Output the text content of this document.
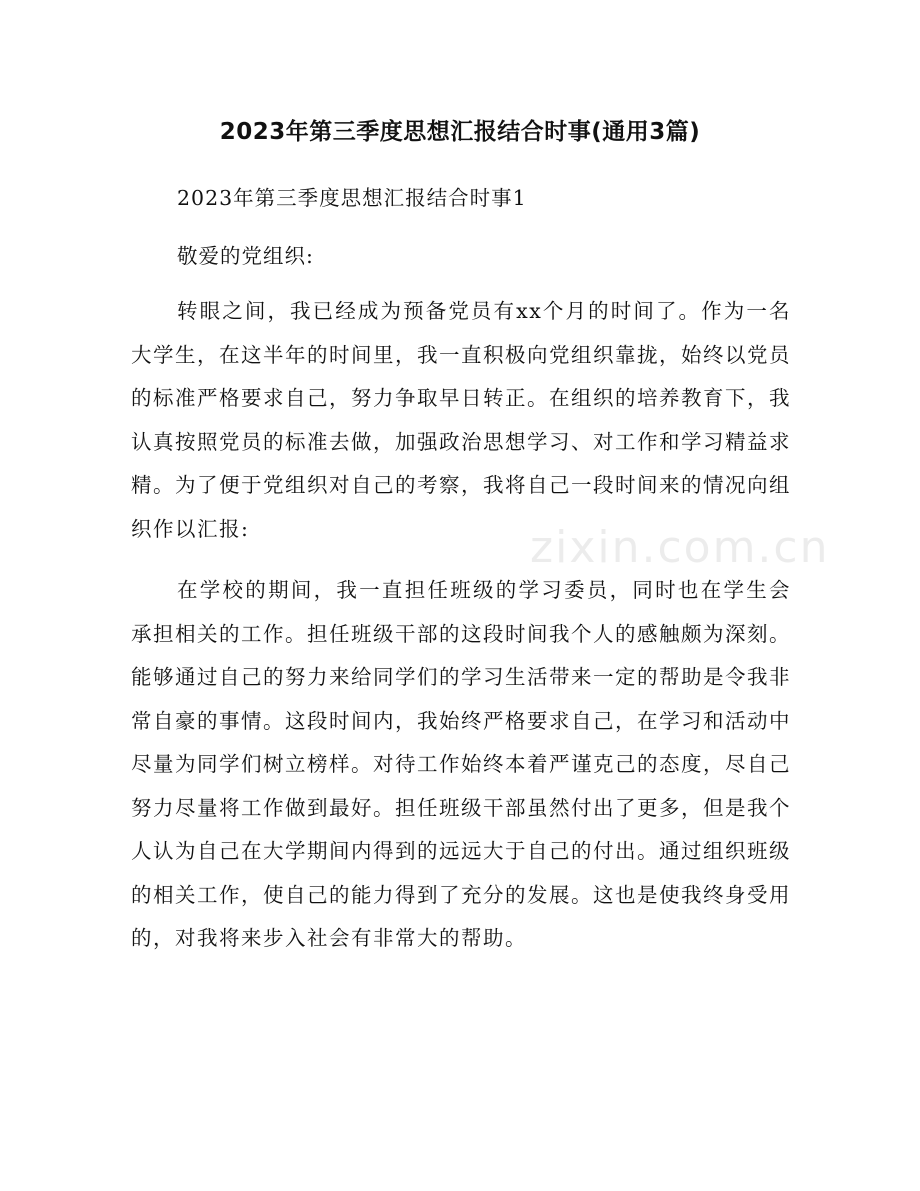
2023年第三季度思想汇报结合时事(通用3篇)
2023年第三季度思想汇报结合时事1
敬爱的党组织:

转眼之间，我已经成为预备党员有xx个月的时间了。作为一名大学生，在这半年的时间里，我一直积极向党组织靠拢，始终以党员的标准严格要求自己，努力争取早日转正。在组织的培养教育下，我认真按照党员的标准去做，加强政治思想学习、对工作和学习精益求精。为了便于党组织对自己的考察，我将自己一段时间来的情况向组织作以汇报:

在学校的期间，我一直担任班级的学习委员，同时也在学生会承担相关的工作。担任班级干部的这段时间我个人的感触颇为深刻。能够通过自己的努力来给同学们的学习生活带来一定的帮助是令我非常自豪的事情。这段时间内，我始终严格要求自己，在学习和活动中尽量为同学们树立榜样。对待工作始终本着严谨克己的态度，尽自己努力尽量将工作做到最好。担任班级干部虽然付出了更多，但是我个人认为自己在大学期间内得到的远远大于自己的付出。通过组织班级的相关工作，使自己的能力得到了充分的发展。这也是使我终身受用的，对我将来步入社会有非常大的帮助。

zixin.com.cn
